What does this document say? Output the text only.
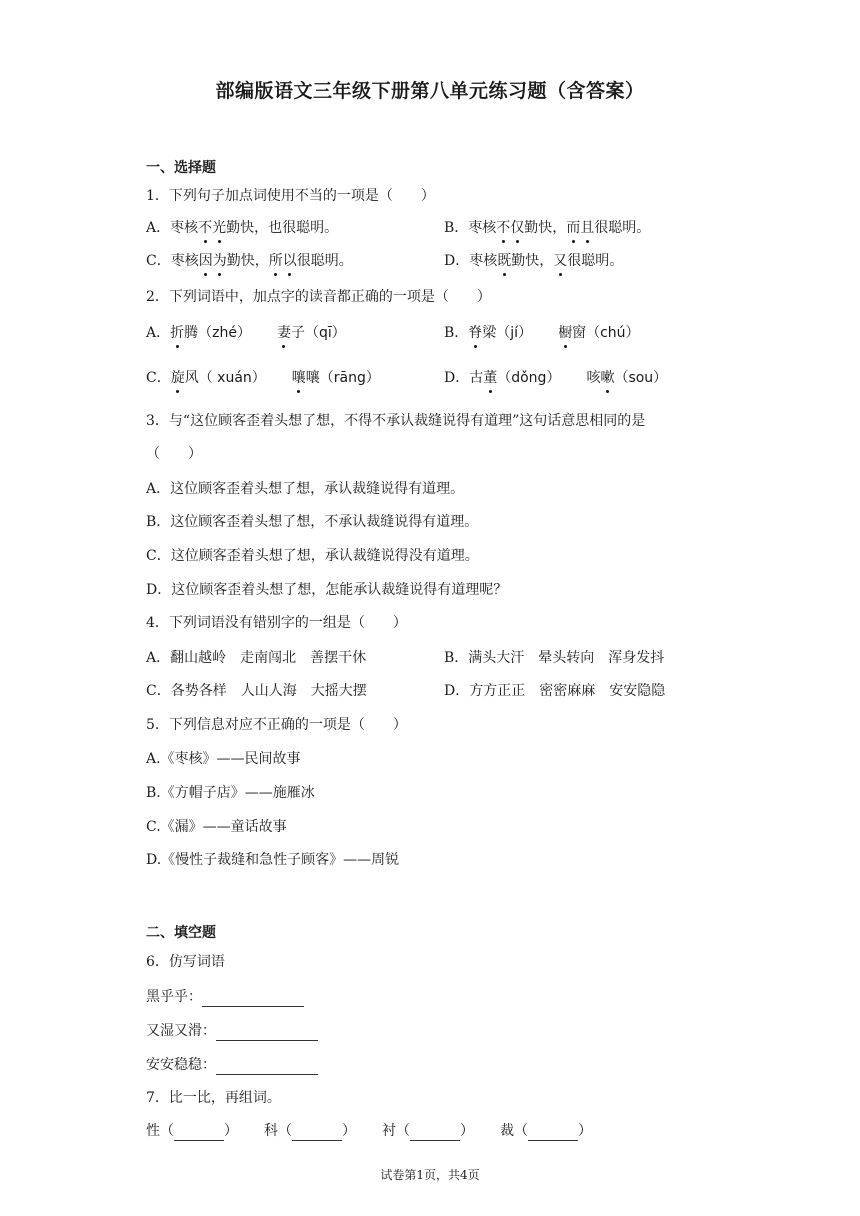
部编版语文三年级下册第八单元练习题（含答案）
一、选择题
1．下列句子加点词使用不当的一项是（　　）
A．枣核不光勤快，也很聪明。	B．枣核不仅勤快，而且很聪明。
C．枣核因为勤快，所以很聪明。	D．枣核既勤快，又很聪明。
2．下列词语中，加点字的读音都正确的一项是（　　）
A．折腾（zhé） 妻子（qī）	B．脊梁（jí） 橱窗（chú）
C．旋风（ xuán） 嚷嚷（rāng）	D．古董（dǒng） 咳嗽（sou）
3．与“这位顾客歪着头想了想，不得不承认裁缝说得有道理”这句话意思相同的是
（　　）
A．这位顾客歪着头想了想，承认裁缝说得有道理。
B．这位顾客歪着头想了想，不承认裁缝说得有道理。
C．这位顾客歪着头想了想，承认裁缝说得没有道理。
D．这位顾客歪着头想了想，怎能承认裁缝说得有道理呢？
4．下列词语没有错别字的一组是（　　）
A．翻山越岭　走南闯北　善摆干休	B．满头大汗　晕头转向　浑身发抖
C．各势各样　人山人海　大摇大摆	D．方方正正　密密麻麻　安安隐隐
5．下列信息对应不正确的一项是（　　）
A.《枣核》——民间故事
B.《方帽子店》——施雁冰
C.《漏》——童话故事
D.《慢性子裁缝和急性子顾客》——周锐
二、填空题
6．仿写词语
黑乎乎：
又湿又滑：
安安稳稳：
7．比一比，再组词。
性（	） 科（	） 衬（	） 裁（	）
试卷第1页，共4页
